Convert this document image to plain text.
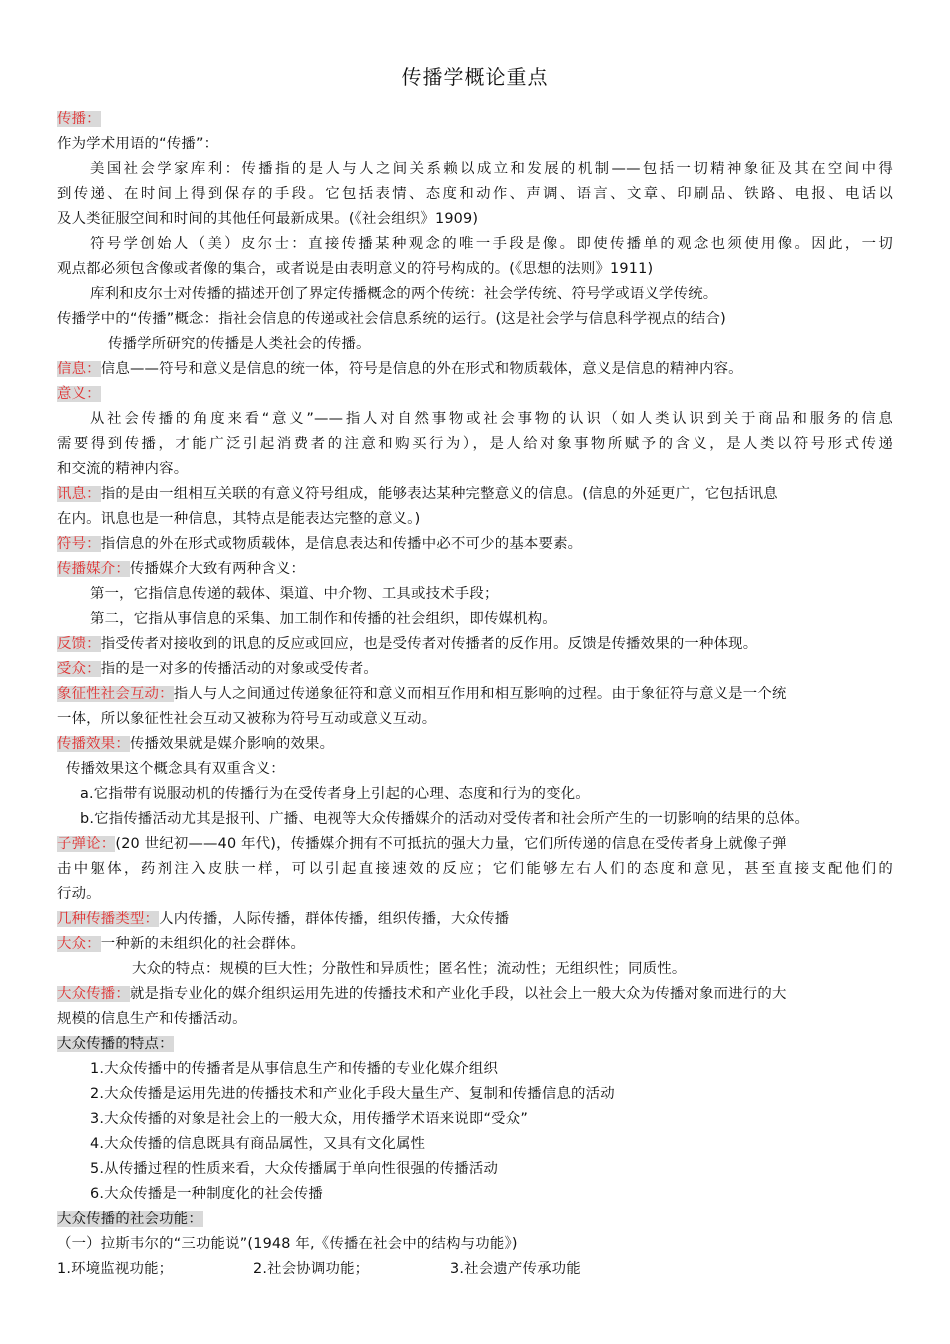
传播学概论重点
传播：
作为学术用语的“传播”：
美国社会学家库利：传播指的是人与人之间关系赖以成立和发展的机制——包括一切精神象征及其在空间中得
到传递、在时间上得到保存的手段。它包括表情、态度和动作、声调、语言、文章、印刷品、铁路、电报、电话以
及人类征服空间和时间的其他任何最新成果。(《社会组织》1909)
符号学创始人（美）皮尔士：直接传播某种观念的唯一手段是像。即使传播单的观念也须使用像。因此，一切
观点都必须包含像或者像的集合，或者说是由表明意义的符号构成的。(《思想的法则》1911)
库利和皮尔士对传播的描述开创了界定传播概念的两个传统：社会学传统、符号学或语义学传统。
传播学中的“传播”概念：指社会信息的传递或社会信息系统的运行。(这是社会学与信息科学视点的结合)
传播学所研究的传播是人类社会的传播。
信息：信息——符号和意义是信息的统一体，符号是信息的外在形式和物质载体，意义是信息的精神内容。
意义：
从社会传播的角度来看“意义”——指人对自然事物或社会事物的认识（如人类认识到关于商品和服务的信息
需要得到传播，才能广泛引起消费者的注意和购买行为），是人给对象事物所赋予的含义，是人类以符号形式传递
和交流的精神内容。
讯息：指的是由一组相互关联的有意义符号组成，能够表达某种完整意义的信息。(信息的外延更广，它包括讯息
在内。讯息也是一种信息，其特点是能表达完整的意义。)
符号：指信息的外在形式或物质载体，是信息表达和传播中必不可少的基本要素。
传播媒介：传播媒介大致有两种含义：
第一，它指信息传递的载体、渠道、中介物、工具或技术手段；
第二，它指从事信息的采集、加工制作和传播的社会组织，即传媒机构。
反馈：指受传者对接收到的讯息的反应或回应，也是受传者对传播者的反作用。反馈是传播效果的一种体现。
受众：指的是一对多的传播活动的对象或受传者。
象征性社会互动：指人与人之间通过传递象征符和意义而相互作用和相互影响的过程。由于象征符与意义是一个统
一体，所以象征性社会互动又被称为符号互动或意义互动。
传播效果：传播效果就是媒介影响的效果。
传播效果这个概念具有双重含义：
a.它指带有说服动机的传播行为在受传者身上引起的心理、态度和行为的变化。
b.它指传播活动尤其是报刊、广播、电视等大众传播媒介的活动对受传者和社会所产生的一切影响的结果的总体。
子弹论：(20 世纪初——40 年代)，传播媒介拥有不可抵抗的强大力量，它们所传递的信息在受传者身上就像子弹
击中躯体，药剂注入皮肤一样，可以引起直接速效的反应；它们能够左右人们的态度和意见，甚至直接支配他们的
行动。
几种传播类型：人内传播，人际传播，群体传播，组织传播，大众传播
大众：一种新的未组织化的社会群体。
大众的特点：规模的巨大性；分散性和异质性；匿名性；流动性；无组织性；同质性。
大众传播：就是指专业化的媒介组织运用先进的传播技术和产业化手段，以社会上一般大众为传播对象而进行的大
规模的信息生产和传播活动。
大众传播的特点：
1.大众传播中的传播者是从事信息生产和传播的专业化媒介组织
2.大众传播是运用先进的传播技术和产业化手段大量生产、复制和传播信息的活动
3.大众传播的对象是社会上的一般大众，用传播学术语来说即“受众”
4.大众传播的信息既具有商品属性，又具有文化属性
5.从传播过程的性质来看，大众传播属于单向性很强的传播活动
6.大众传播是一种制度化的社会传播
大众传播的社会功能：
（一）拉斯韦尔的“三功能说”(1948 年,《传播在社会中的结构与功能》)
1.环境监视功能；	2.社会协调功能；	3.社会遗产传承功能
